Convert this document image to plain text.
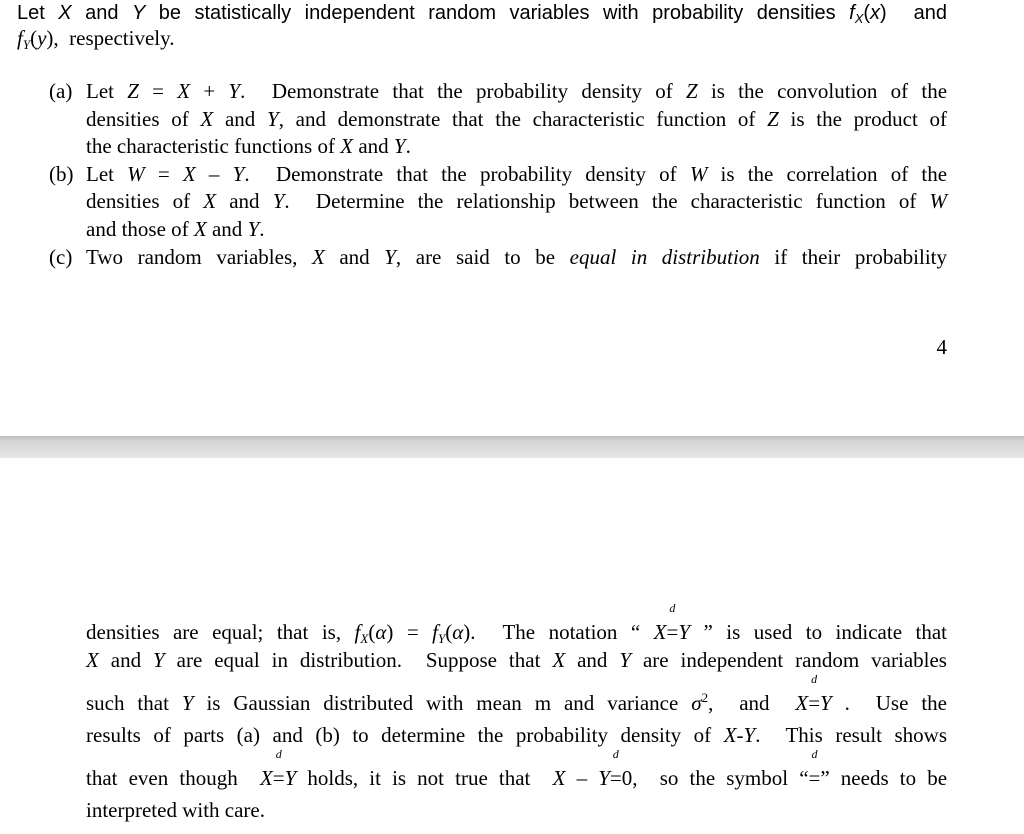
Let X and Y be statistically independent random variables with probability densities $f_X(x)$  and
$f_Y(y)$,  respectively.
(a) Let Z = X + Y.  Demonstrate that the probability density of Z is the convolution of the
densities of X and Y, and demonstrate that the characteristic function of Z is the product of
the characteristic functions of X and Y.
(b) Let W = X – Y.  Demonstrate that the probability density of W is the correlation of the
densities of X and Y.  Determine the relationship between the characteristic function of W
and those of X and Y.
(c) Two random variables, X and Y, are said to be equal in distribution if their probability
4
densities are equal; that is, $f_X(\alpha) = f_Y(\alpha)$.  The notation “ X=
d
Y ” is used to indicate that
X and Y are equal in distribution.  Suppose that X and Y are independent random variables
such that Y is Gaussian distributed with mean m and variance $\sigma^2$,  and  X=
d
Y .  Use the
results of parts (a) and (b) to determine the probability density of X-Y.  This result shows
that even though  X=
d
Y holds, it is not true that  X – Y=
d
0,  so the symbol “=
d
” needs to be
interpreted with care.
